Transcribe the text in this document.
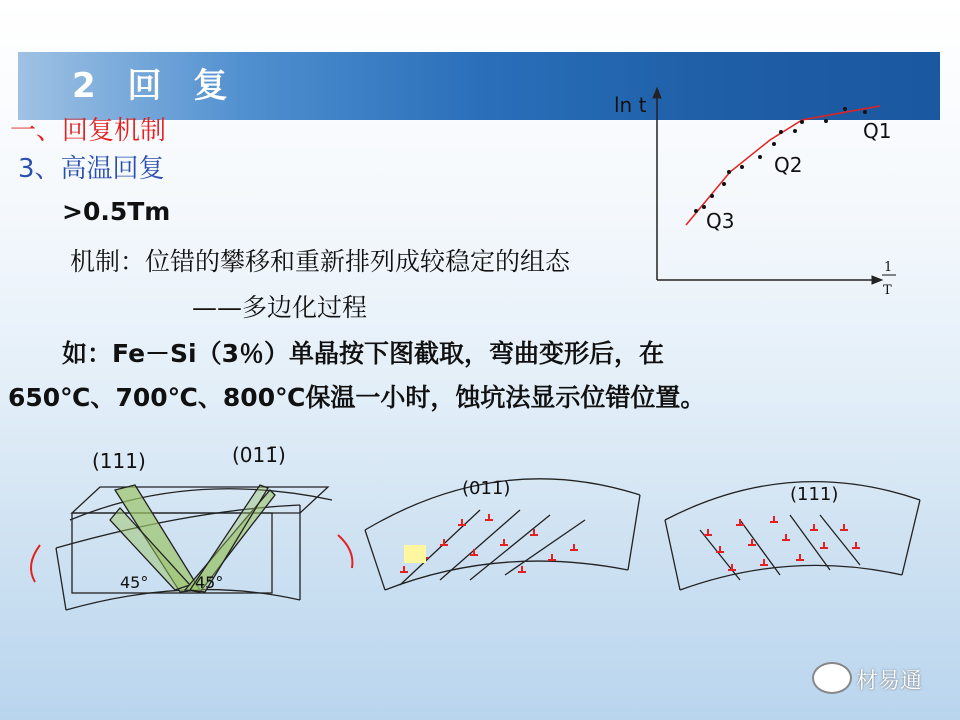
2 回 复
一、回复机制
3、高温回复
>0.5Tm
机制：位错的攀移和重新排列成较稳定的组态
——多边化过程
如：Fe－Si（3％）单晶按下图截取，弯曲变形后，在
650℃、700℃、800℃保温一小时，蚀坑法显示位错位置。
ln t
1
T
Q1
Q2
Q3
(111)	(011̄)
45°	45°
(011̄)	(111)
材易通
